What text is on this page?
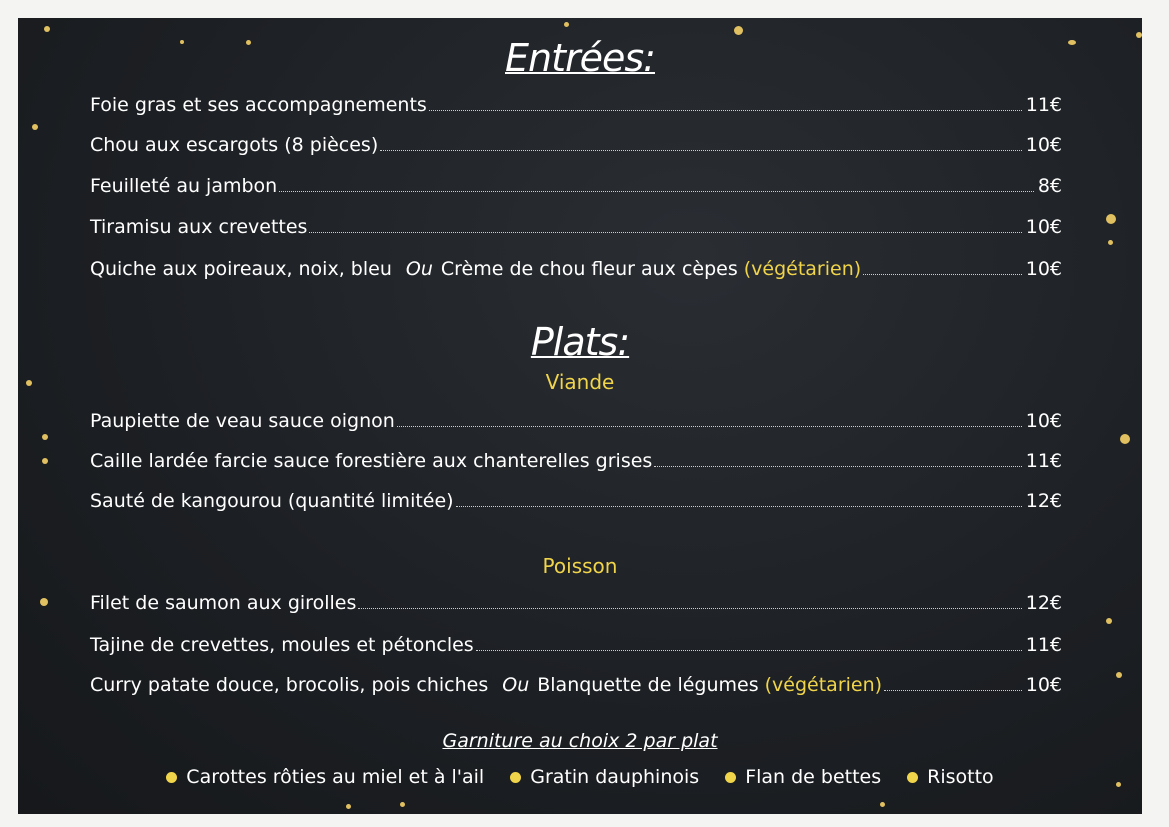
Entrées:
Foie gras et ses accompagnements	11€
Chou aux escargots (8 pièces)	10€
Feuilleté au jambon	8€
Tiramisu aux crevettes	10€
Quiche aux poireaux, noix, bleu Ou Crème de chou fleur aux cèpes (végétarien)	10€
Plats:
Viande
Paupiette de veau sauce oignon	10€
Caille lardée farcie sauce forestière aux chanterelles grises	11€
Sauté de kangourou (quantité limitée)	12€
Poisson
Filet de saumon aux girolles	12€
Tajine de crevettes, moules et pétoncles	11€
Curry patate douce, brocolis, pois chiches Ou Blanquette de légumes (végétarien)	10€
Garniture au choix 2 par plat
Carottes rôties au miel et à l'ail Gratin dauphinois Flan de bettes Risotto
